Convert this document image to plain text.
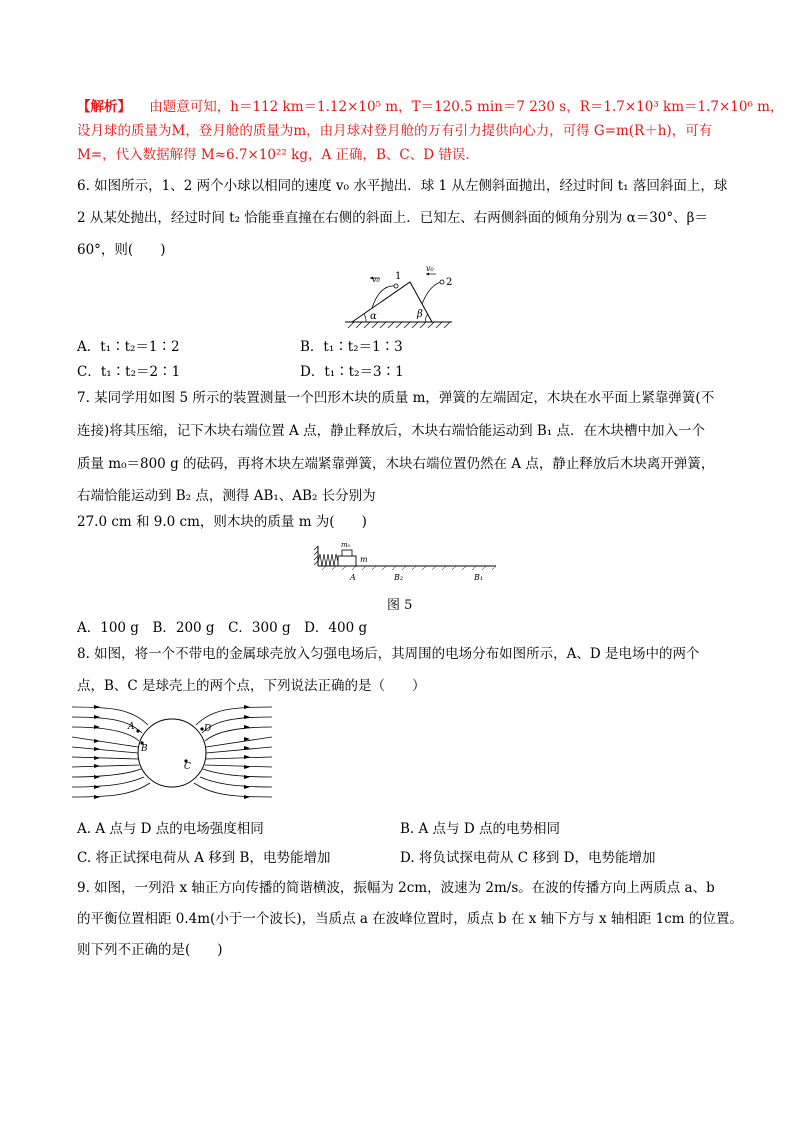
【解析】 由题意可知，h＝112 km＝1.12×10⁵ m，T＝120.5 min＝7 230 s，R＝1.7×10³ km＝1.7×10⁶ m，
设月球的质量为M，登月舱的质量为m，由月球对登月舱的万有引力提供向心力，可得 G=m(R＋h)，可有
M=，代入数据解得 M≈6.7×10²² kg，A 正确，B、C、D 错误.
6. 如图所示，1、2 两个小球以相同的速度 v₀ 水平抛出．球 1 从左侧斜面抛出，经过时间 t₁ 落回斜面上，球
2 从某处抛出，经过时间 t₂ 恰能垂直撞在右侧的斜面上．已知左、右两侧斜面的倾角分别为 α＝30°、β＝
60°，则(　　)
v₀ 1
v₀
2
α	β
A．t₁∶t₂＝1∶2	B．t₁∶t₂＝1∶3
C．t₁∶t₂＝2∶1	D．t₁∶t₂＝3∶1
7. 某同学用如图 5 所示的装置测量一个凹形木块的质量 m，弹簧的左端固定，木块在水平面上紧靠弹簧(不
连接)将其压缩，记下木块右端位置 A 点，静止释放后，木块右端恰能运动到 B₁ 点．在木块槽中加入一个
质量 m₀＝800 g 的砝码，再将木块左端紧靠弹簧，木块右端位置仍然在 A 点，静止释放后木块离开弹簧，
右端恰能运动到 B₂ 点，测得 AB₁、AB₂ 长分别为
27.0 cm 和 9.0 cm，则木块的质量 m 为(　　)
m₀
m
A	B₂	B₁
图 5
A．100 g　B．200 g　C．300 g　D．400 g
8. 如图，将一个不带电的金属球壳放入匀强电场后，其周围的电场分布如图所示，A、D 是电场中的两个
点，B、C 是球壳上的两个点，下列说法正确的是（　　）
A
B
C
D
A. A 点与 D 点的电场强度相同	B. A 点与 D 点的电势相同
C. 将正试探电荷从 A 移到 B，电势能增加	D. 将负试探电荷从 C 移到 D，电势能增加
9. 如图，一列沿 x 轴正方向传播的简谐横波，振幅为 2cm，波速为 2m/s。在波的传播方向上两质点 a、b
的平衡位置相距 0.4m(小于一个波长)，当质点 a 在波峰位置时，质点 b 在 x 轴下方与 x 轴相距 1cm 的位置。
则下列不正确的是(　　)
